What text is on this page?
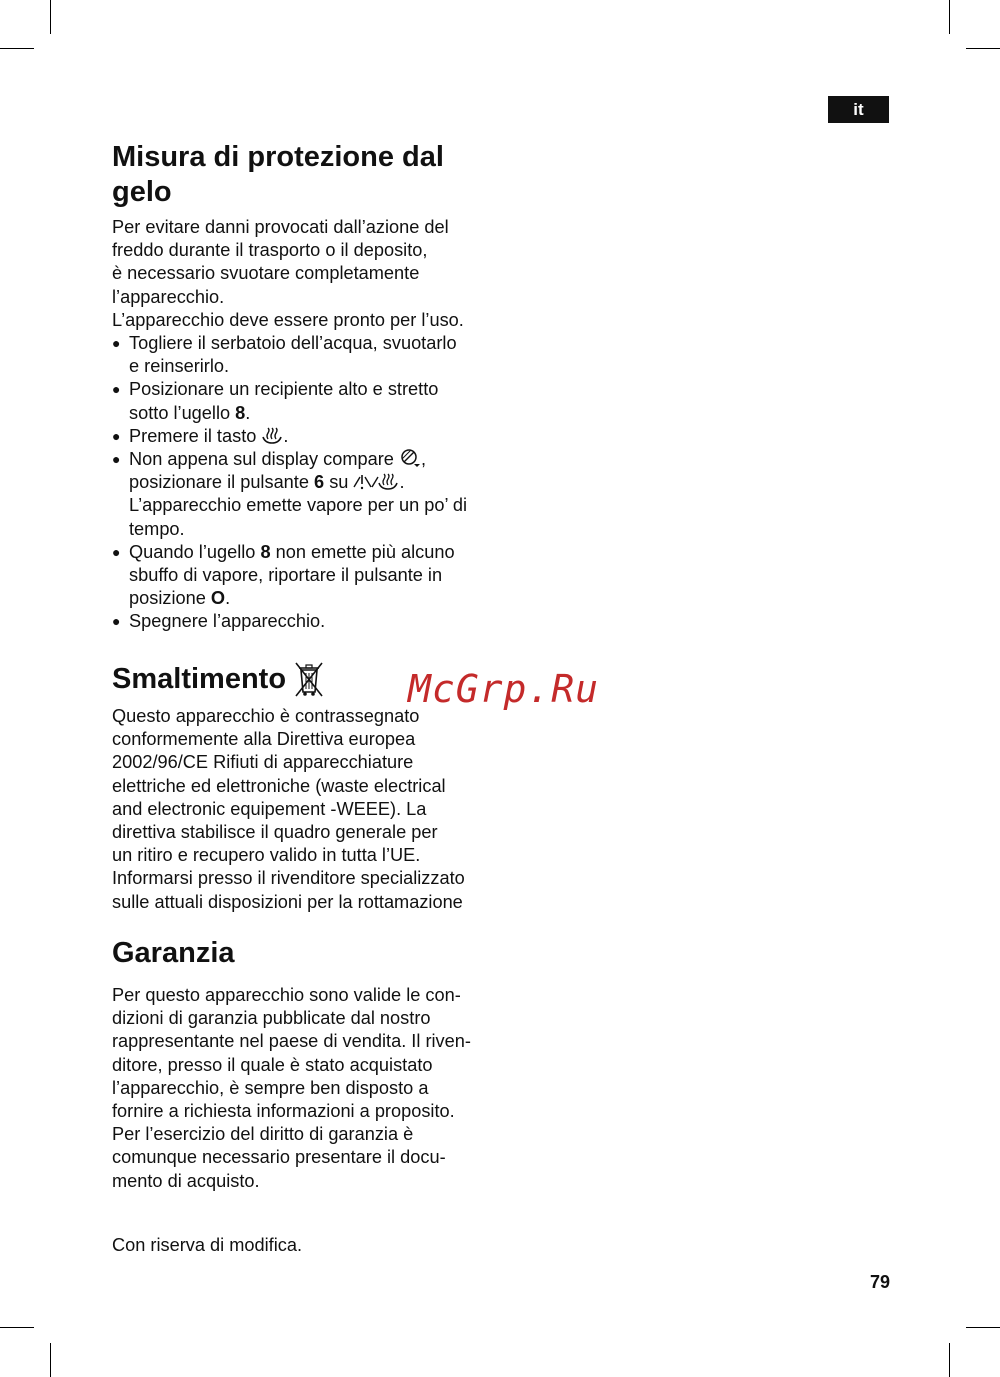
it
Misura di protezione dal
gelo

Per evitare danni provocati dall’azione del
freddo durante il trasporto o il deposito,
è necessario svuotare completamente
l’apparecchio.
L’apparecchio deve essere pronto per l’uso.

● Togliere il serbatoio dell’acqua, svuotarlo
e reinserirlo.
● Posizionare un recipiente alto e stretto
sotto l’ugello 8.
● Premere il tasto .
● Non appena sul display compare ,
posizionare il pulsante 6 su	.
L’apparecchio emette vapore per un po’ di
tempo.
● Quando l’ugello 8 non emette più alcuno
sbuffo di vapore, riportare il pulsante in
posizione O.
● Spegnere l’apparecchio.
Smaltimento

Questo apparecchio è contrassegnato
conformemente alla Direttiva europea
2002/96/CE Rifiuti di apparecchiature
elettriche ed elettroniche (waste electrical
and electronic equipement -WEEE). La
direttiva stabilisce il quadro generale per
un ritiro e recupero valido in tutta l’UE.
Informarsi presso il rivenditore specializzato
sulle attuali disposizioni per la rottamazione

Garanzia

Per questo apparecchio sono valide le con-
dizioni di garanzia pubblicate dal nostro
rappresentante nel paese di vendita. Il riven-
ditore, presso il quale è stato acquistato
l’apparecchio, è sempre ben disposto a
fornire a richiesta informazioni a proposito.
Per l’esercizio del diritto di garanzia è
comunque necessario presentare il docu-
mento di acquisto.

Con riserva di modifica.
79
McGrp.Ru
